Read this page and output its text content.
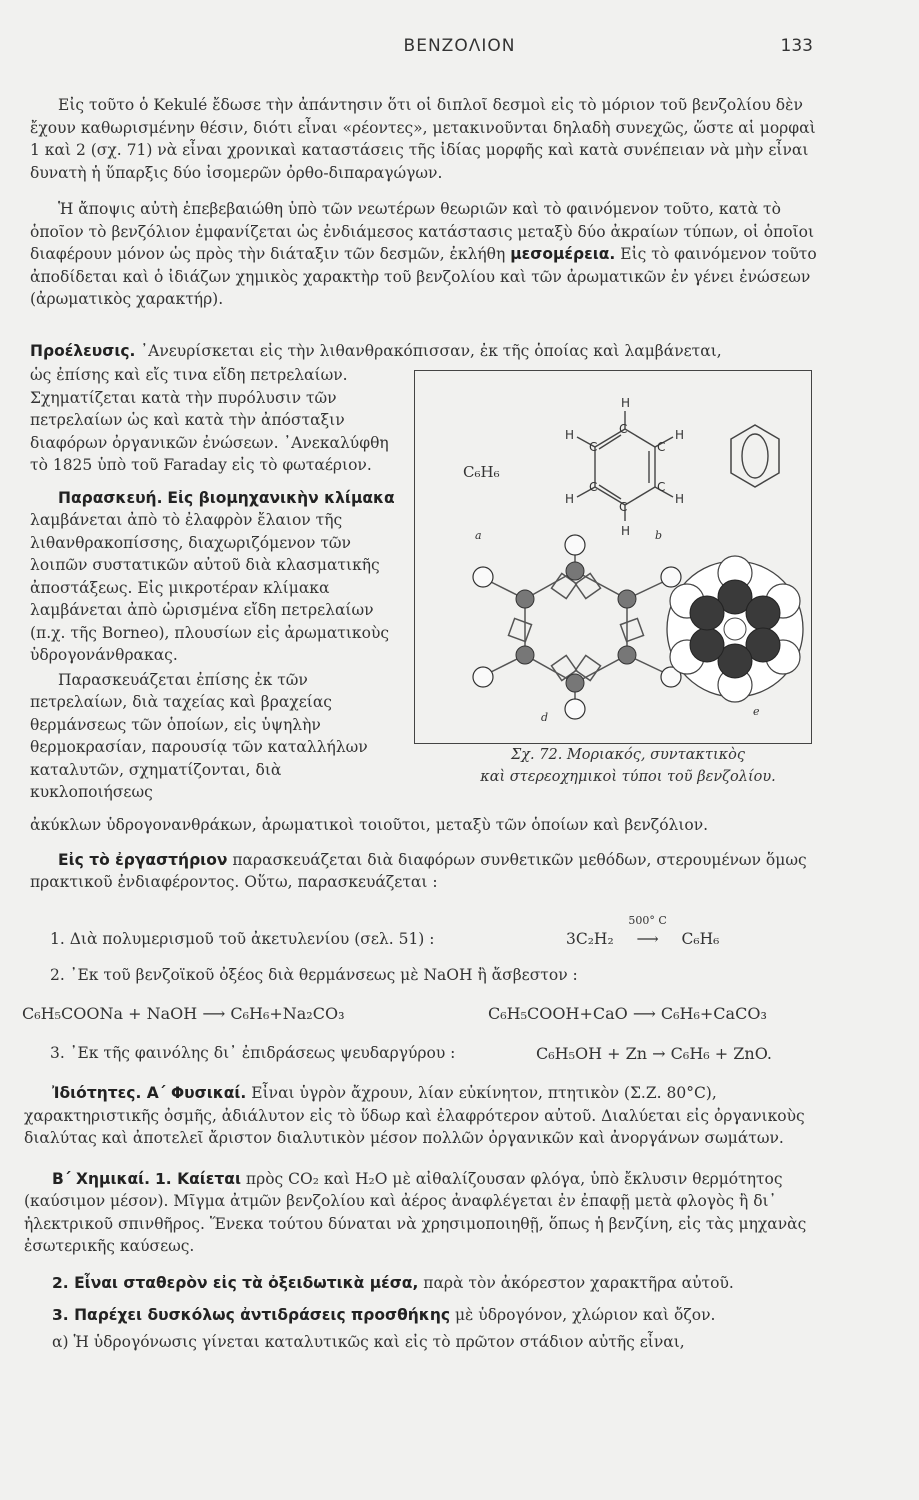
ΒΕΝΖΟΛΙΟΝ	133

Εἰς τοῦτο ὁ Kekulé ἔδωσε τὴν ἀπάντησιν ὅτι οἱ διπλοῖ δεσμοὶ εἰς τὸ μόριον τοῦ βενζολίου δὲν ἔχουν καθωρισμένην θέσιν, διότι εἶναι «ρέοντες», μετακινοῦνται δηλαδὴ συνεχῶς, ὥστε αἱ μορφαὶ 1 καὶ 2 (σχ. 71) νὰ εἶναι χρονικαὶ καταστάσεις τῆς ἰδίας μορφῆς καὶ κατὰ συνέπειαν νὰ μὴν εἶναι δυνατὴ ἡ ὕπαρξις δύο ἰσομερῶν ὀρθο-διπαραγώγων.

Ἡ ἄποψις αὐτὴ ἐπεβεβαιώθη ὑπὸ τῶν νεωτέρων θεωριῶν καὶ τὸ φαινόμενον τοῦτο, κατὰ τὸ ὁποῖον τὸ βενζόλιον ἐμφανίζεται ὡς ἐνδιάμεσος κατάστασις μεταξὺ δύο ἀκραίων τύπων, οἱ ὁποῖοι διαφέρουν μόνον ὡς πρὸς τὴν διάταξιν τῶν δεσμῶν, ἐκλήθη μεσομέρεια. Εἰς τὸ φαινόμενον τοῦτο ἀποδίδεται καὶ ὁ ἰδιάζων χημικὸς χαρακτὴρ τοῦ βενζολίου καὶ τῶν ἀρωματικῶν ἐν γένει ἐνώσεων (ἀρωματικὸς χαρακτήρ).

Προέλευσις. ᾿Ανευρίσκεται εἰς τὴν λιθανθρακόπισσαν, ἐκ τῆς ὁποίας καὶ λαμβάνεται,

ὡς ἐπίσης καὶ εἴς τινα εἴδη πετρελαίων. Σχηματίζεται κατὰ τὴν πυρόλυσιν τῶν πετρελαίων ὡς καὶ κατὰ τὴν ἀπόσταξιν διαφόρων ὀργανικῶν ἐνώσεων. ᾿Ανεκαλύφθη τὸ 1825 ὑπὸ τοῦ Faraday εἰς τὸ φωταέριον.

Παρασκευή. Εἰς βιομηχανικὴν κλίμακα λαμβάνεται ἀπὸ τὸ ἐλαφρὸν ἔλαιον τῆς λιθανθρακοπίσσης, διαχωριζόμενον τῶν λοιπῶν συστατικῶν αὐτοῦ διὰ κλασματικῆς ἀποστάξεως. Εἰς μικροτέραν κλίμακα λαμβάνεται ἀπὸ ὡρισμένα εἴδη πετρελαίων (π.χ. τῆς Borneo), πλουσίων εἰς ἀρωματικοὺς ὑδρογονάνθρακας.

Παρασκευάζεται ἐπίσης ἐκ τῶν πετρελαίων, διὰ ταχείας καὶ βραχείας θερμάνσεως τῶν ὁποίων, εἰς ὑψηλὴν θερμοκρασίαν, παρουσίᾳ τῶν καταλλήλων καταλυτῶν, σχηματίζονται, διὰ κυκλοποιήσεως

C₆H₆
H
H
H	H
H	H
C
C	C
C	C
C
a	b
d	e
Σχ. 72. Μοριακός, συντακτικὸς
καὶ στερεοχημικοὶ τύποι τοῦ βενζολίου.

ἀκύκλων ὑδρογονανθράκων, ἀρωματικοὶ τοιοῦτοι, μεταξὺ τῶν ὁποίων καὶ βενζόλιον.

Εἰς τὸ ἐργαστήριον παρασκευάζεται διὰ διαφόρων συνθετικῶν μεθόδων, στερουμένων ὅμως πρακτικοῦ ἐνδιαφέροντος. Οὕτω, παρασκευάζεται :

1. Διὰ πολυμερισμοῦ τοῦ ἀκετυλενίου (σελ. 51) :	3C₂H₂
500° C
⟶ C₆H₆
2. ᾿Εκ τοῦ βενζοϊκοῦ ὀξέος διὰ θερμάνσεως μὲ NaOH ἢ ἄσβεστον :
C₆H₅COONa + NaOH ⟶ C₆H₆+Na₂CO₃	C₆H₅COOH+CaO ⟶ C₆H₆+CaCO₃
3. ᾿Εκ τῆς φαινόλης δι᾿ ἐπιδράσεως ψευδαργύρου :	C₆H₅OH + Zn → C₆H₆ + ZnO.

Ἰδιότητες. Α΄ Φυσικαί. Εἶναι ὑγρὸν ἄχρουν, λίαν εὐκίνητον, πτητικὸν (Σ.Ζ. 80°C), χαρακτηριστικῆς ὀσμῆς, ἀδιάλυτον εἰς τὸ ὕδωρ καὶ ἐλαφρότερον αὐτοῦ. Διαλύεται εἰς ὀργανικοὺς διαλύτας καὶ ἀποτελεῖ ἄριστον διαλυτικὸν μέσον πολλῶν ὀργανικῶν καὶ ἀνοργάνων σωμάτων.

Β΄ Χημικαί. 1. Καίεται πρὸς CO₂ καὶ H₂O μὲ αἰθαλίζουσαν φλόγα, ὑπὸ ἔκλυσιν θερμότητος (καύσιμον μέσον). Μῖγμα ἀτμῶν βενζολίου καὶ ἀέρος ἀναφλέγεται ἐν ἐπαφῇ μετὰ φλογὸς ἢ δι᾿ ἠλεκτρικοῦ σπινθῆρος. Ἕνεκα τούτου δύναται νὰ χρησιμοποιηθῇ, ὅπως ἡ βενζίνη, εἰς τὰς μηχανὰς ἐσωτερικῆς καύσεως.

2. Εἶναι σταθερὸν εἰς τὰ ὀξειδωτικὰ μέσα, παρὰ τὸν ἀκόρεστον χαρακτῆρα αὐτοῦ.

3. Παρέχει δυσκόλως ἀντιδράσεις προσθήκης μὲ ὑδρογόνον, χλώριον καὶ ὄζον.

α) Ἡ ὑδρογόνωσις γίνεται καταλυτικῶς καὶ εἰς τὸ πρῶτον στάδιον αὐτῆς εἶναι,
